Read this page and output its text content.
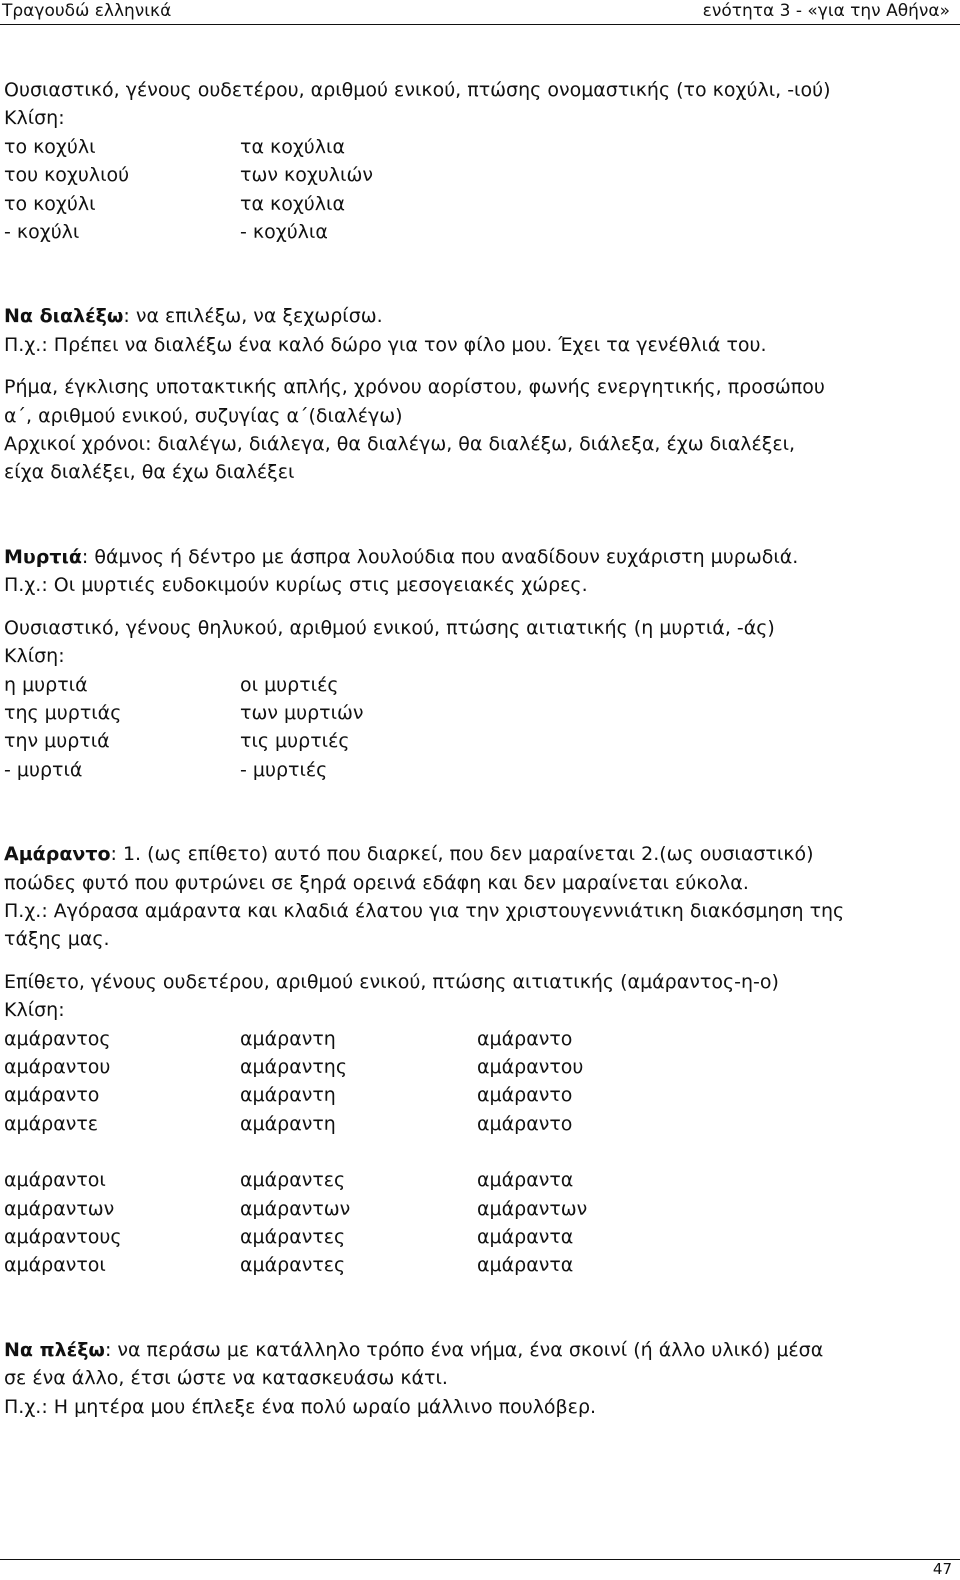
Τραγουδώ ελληνικά	ενότητα 3 - «για την Αθήνα»
Ουσιαστικό, γένους ουδετέρου, αριθμού ενικού, πτώσης ονομαστικής (το κοχύλι, -ιού)
Κλίση:
το κοχύλι	τα κοχύλια
του κοχυλιού	των κοχυλιών
το κοχύλι	τα κοχύλια
- κοχύλι	- κοχύλια
Να διαλέξω: να επιλέξω, να ξεχωρίσω.
Π.χ.: Πρέπει να διαλέξω ένα καλό δώρο για τον φίλο μου. Έχει τα γενέθλιά του.
Ρήμα, έγκλισης υποτακτικής απλής, χρόνου αορίστου, φωνής ενεργητικής, προσώπου
α΄, αριθμού ενικού, συζυγίας α΄(διαλέγω)
Αρχικοί χρόνοι: διαλέγω, διάλεγα, θα διαλέγω, θα διαλέξω, διάλεξα, έχω διαλέξει,
είχα διαλέξει, θα έχω διαλέξει
Μυρτιά: θάμνος ή δέντρο με άσπρα λουλούδια που αναδίδουν ευχάριστη μυρωδιά.
Π.χ.: Οι μυρτιές ευδοκιμούν κυρίως στις μεσογειακές χώρες.
Ουσιαστικό, γένους θηλυκού, αριθμού ενικού, πτώσης αιτιατικής (η μυρτιά, -άς)
Κλίση:
η μυρτιά	οι μυρτιές
της μυρτιάς	των μυρτιών
την μυρτιά	τις μυρτιές
- μυρτιά	- μυρτιές
Αμάραντο: 1. (ως επίθετο) αυτό που διαρκεί, που δεν μαραίνεται 2.(ως ουσιαστικό)
ποώδες φυτό που φυτρώνει σε ξηρά ορεινά εδάφη και δεν μαραίνεται εύκολα.
Π.χ.: Αγόρασα αμάραντα και κλαδιά έλατου για την χριστουγεννιάτικη διακόσμηση της
τάξης μας.
Επίθετο, γένους ουδετέρου, αριθμού ενικού, πτώσης αιτιατικής (αμάραντος-η-ο)
Κλίση:
αμάραντος	αμάραντη	αμάραντο
αμάραντου	αμάραντης	αμάραντου
αμάραντο	αμάραντη	αμάραντο
αμάραντε	αμάραντη	αμάραντο
αμάραντοι	αμάραντες	αμάραντα
αμάραντων	αμάραντων	αμάραντων
αμάραντους	αμάραντες	αμάραντα
αμάραντοι	αμάραντες	αμάραντα
Να πλέξω: να περάσω με κατάλληλο τρόπο ένα νήμα, ένα σκοινί (ή άλλο υλικό) μέσα
σε ένα άλλο, έτσι ώστε να κατασκευάσω κάτι.
Π.χ.: Η μητέρα μου έπλεξε ένα πολύ ωραίο μάλλινο πουλόβερ.
47
